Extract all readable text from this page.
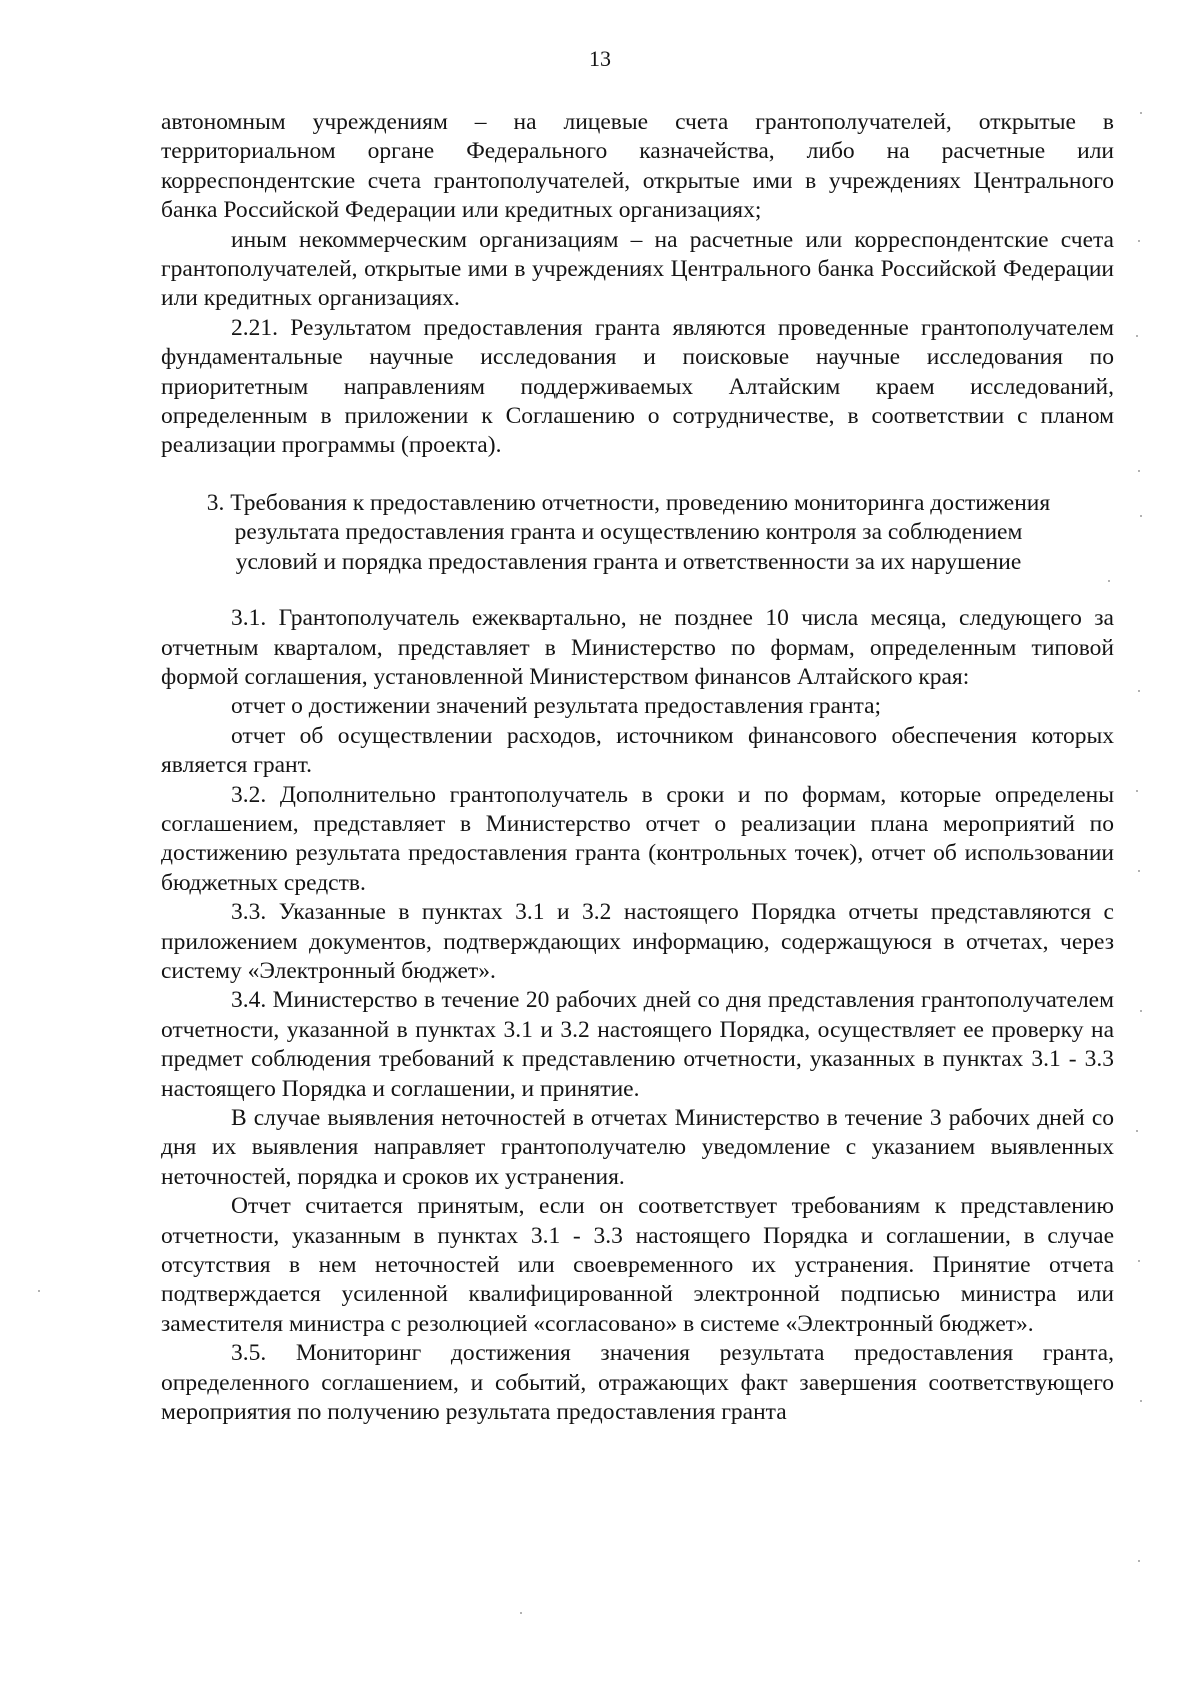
13

автономным учреждениям – на лицевые счета грантополучателей, открытые в территориальном органе Федерального казначейства, либо на расчетные или корреспондентские счета грантополучателей, открытые ими в учреждениях Центрального банка Российской Федерации или кредитных организациях;

иным некоммерческим организациям – на расчетные или корреспондентские счета грантополучателей, открытые ими в учреждениях Центрального банка Российской Федерации или кредитных организациях.

2.21. Результатом предоставления гранта являются проведенные грантополучателем фундаментальные научные исследования и поисковые научные исследования по приоритетным направлениям поддерживаемых Алтайским краем исследований, определенным в приложении к Соглашению о сотрудничестве, в соответствии с планом реализации программы (проекта).

3. Требования к предоставлению отчетности, проведению мониторинга достижения
результата предоставления гранта и осуществлению контроля за соблюдением
условий и порядка предоставления гранта и ответственности за их нарушение

3.1. Грантополучатель ежеквартально, не позднее 10 числа месяца, следующего за отчетным кварталом, представляет в Министерство по формам, определенным типовой формой соглашения, установленной Министерством финансов Алтайского края:

отчет о достижении значений результата предоставления гранта;

отчет об осуществлении расходов, источником финансового обеспечения которых является грант.

3.2. Дополнительно грантополучатель в сроки и по формам, которые определены соглашением, представляет в Министерство отчет о реализации плана мероприятий по достижению результата предоставления гранта (контрольных точек), отчет об использовании бюджетных средств.

3.3. Указанные в пунктах 3.1 и 3.2 настоящего Порядка отчеты представляются с приложением документов, подтверждающих информацию, содержащуюся в отчетах, через систему «Электронный бюджет».

3.4. Министерство в течение 20 рабочих дней со дня представления грантополучателем отчетности, указанной в пунктах 3.1 и 3.2 настоящего Порядка, осуществляет ее проверку на предмет соблюдения требований к представлению отчетности, указанных в пунктах 3.1 - 3.3 настоящего Порядка и соглашении, и принятие.

В случае выявления неточностей в отчетах Министерство в течение 3 рабочих дней со дня их выявления направляет грантополучателю уведомление с указанием выявленных неточностей, порядка и сроков их устранения.

Отчет считается принятым, если он соответствует требованиям к представлению отчетности, указанным в пунктах 3.1 - 3.3 настоящего Порядка и соглашении, в случае отсутствия в нем неточностей или своевременного их устранения. Принятие отчета подтверждается усиленной квалифицированной электронной подписью министра или заместителя министра с резолюцией «согласовано» в системе «Электронный бюджет».

3.5. Мониторинг достижения значения результата предоставления гранта, определенного соглашением, и событий, отражающих факт завершения соответствующего мероприятия по получению результата предоставления гранта
